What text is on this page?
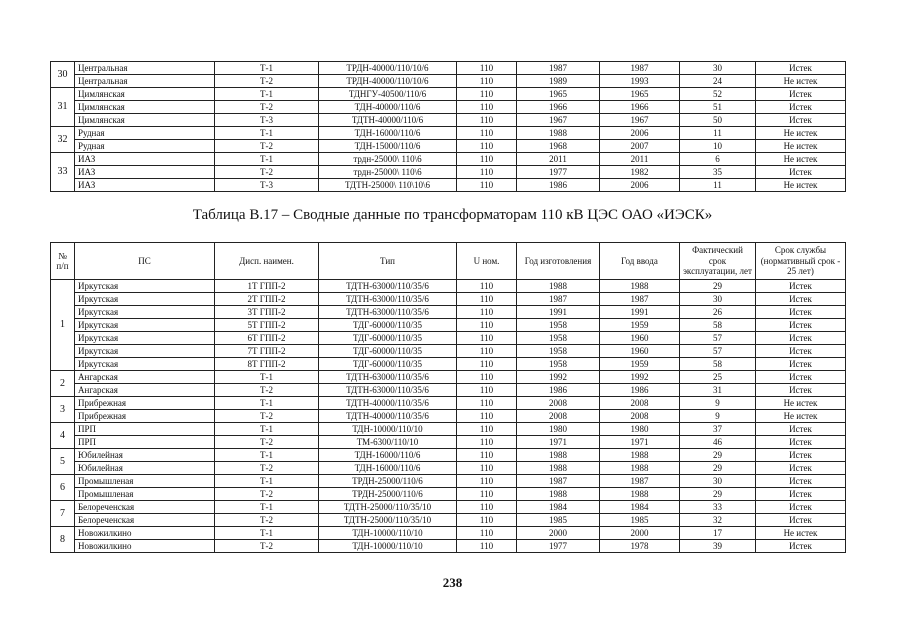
30	Центральная	Т-1	ТРДН-40000/110/10/6	110	1987	1987	30	Истек
	Центральная	Т-2	ТРДН-40000/110/10/6	110	1989	1993	24	Не истек
31	Цимлянская	Т-1	ТДНГУ-40500/110/6	110	1965	1965	52	Истек
	Цимлянская	Т-2	ТДН-40000/110/6	110	1966	1966	51	Истек
	Цимлянская	Т-3	ТДТН-40000/110/6	110	1967	1967	50	Истек
32	Рудная	Т-1	ТДН-16000/110/6	110	1988	2006	11	Не истек
	Рудная	Т-2	ТДН-15000/110/6	110	1968	2007	10	Не истек
33	ИАЗ	Т-1	трдн-25000\ 110\6	110	2011	2011	6	Не истек
	ИАЗ	Т-2	трдн-25000\ 110\6	110	1977	1982	35	Истек
	ИАЗ	Т-3	ТДТН-25000\ 110\10\6	110	1986	2006	11	Не истек
Таблица В.17 – Сводные данные по трансформаторам 110 кВ ЦЭС ОАО «ИЭСК»
№ п/п	ПС	Дисп. наимен.	Тип	U ном.	Год изготовления	Год ввода	Фактический срок эксплуатации, лет	Срок службы (нормативный срок - 25 лет)
1	Иркутская	1Т ГПП-2	ТДТН-63000/110/35/6	110	1988	1988	29	Истек
	Иркутская	2Т ГПП-2	ТДТН-63000/110/35/6	110	1987	1987	30	Истек
	Иркутская	3Т ГПП-2	ТДТН-63000/110/35/6	110	1991	1991	26	Истек
	Иркутская	5Т ГПП-2	ТДГ-60000/110/35	110	1958	1959	58	Истек
	Иркутская	6Т ГПП-2	ТДГ-60000/110/35	110	1958	1960	57	Истек
	Иркутская	7Т ГПП-2	ТДГ-60000/110/35	110	1958	1960	57	Истек
	Иркутская	8Т ГПП-2	ТДГ-60000/110/35	110	1958	1959	58	Истек
2	Ангарская	Т-1	ТДТН-63000/110/35/6	110	1992	1992	25	Истек
	Ангарская	Т-2	ТДТН-63000/110/35/6	110	1986	1986	31	Истек
3	Прибрежная	Т-1	ТДТН-40000/110/35/6	110	2008	2008	9	Не истек
	Прибрежная	Т-2	ТДТН-40000/110/35/6	110	2008	2008	9	Не истек
4	ПРП	Т-1	ТДН-10000/110/10	110	1980	1980	37	Истек
	ПРП	Т-2	ТМ-6300/110/10	110	1971	1971	46	Истек
5	Юбилейная	Т-1	ТДН-16000/110/6	110	1988	1988	29	Истек
	Юбилейная	Т-2	ТДН-16000/110/6	110	1988	1988	29	Истек
6	Промышленая	Т-1	ТРДН-25000/110/6	110	1987	1987	30	Истек
	Промышленая	Т-2	ТРДН-25000/110/6	110	1988	1988	29	Истек
7	Белореченская	Т-1	ТДТН-25000/110/35/10	110	1984	1984	33	Истек
	Белореченская	Т-2	ТДТН-25000/110/35/10	110	1985	1985	32	Истек
8	Новожилкино	Т-1	ТДН-10000/110/10	110	2000	2000	17	Не истек
	Новожилкино	Т-2	ТДН-10000/110/10	110	1977	1978	39	Истек
238
